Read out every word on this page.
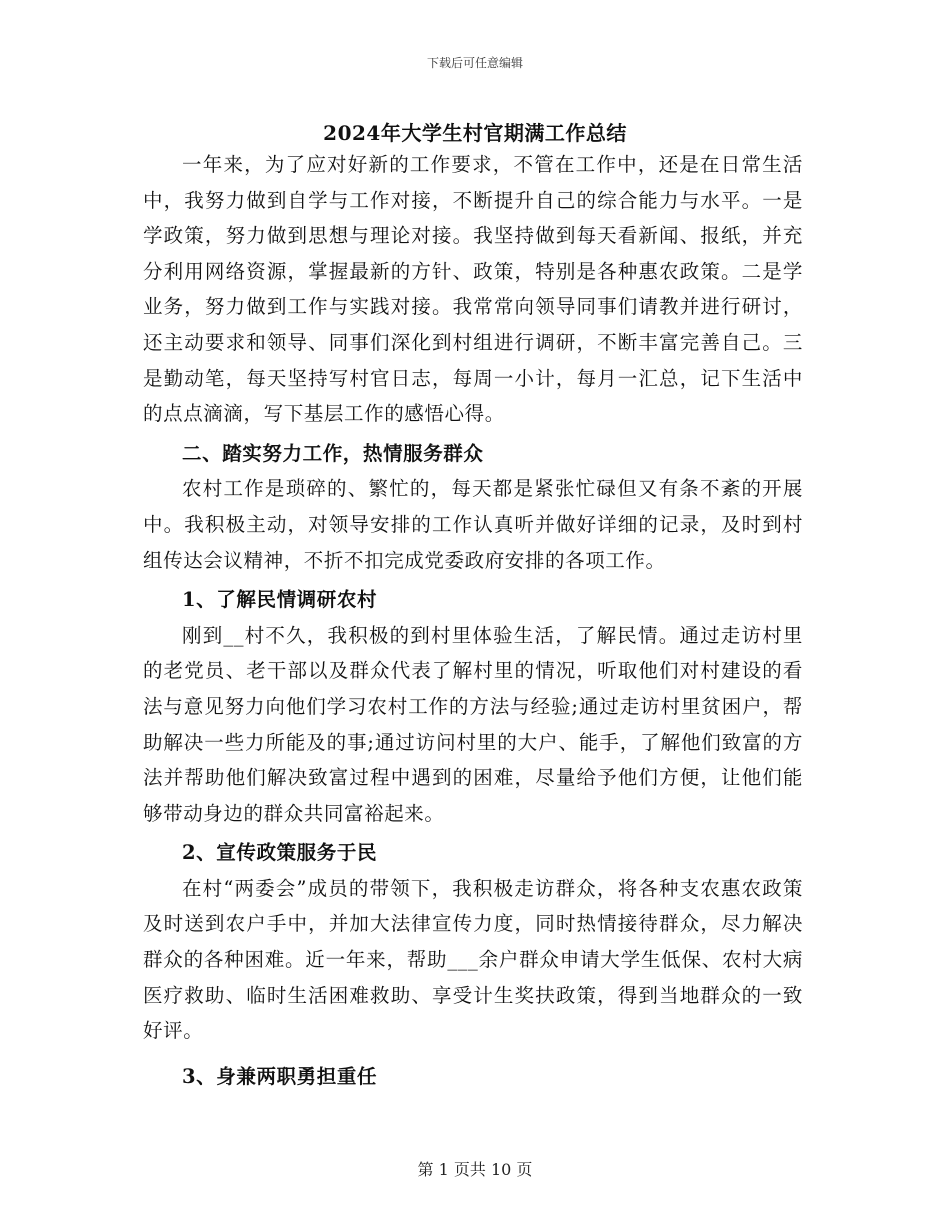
下载后可任意编辑
2024年大学生村官期满工作总结

一年来，为了应对好新的工作要求，不管在工作中，还是在日常生活中，我努力做到自学与工作对接，不断提升自己的综合能力与水平。一是学政策，努力做到思想与理论对接。我坚持做到每天看新闻、报纸，并充分利用网络资源，掌握最新的方针、政策，特别是各种惠农政策。二是学业务，努力做到工作与实践对接。我常常向领导同事们请教并进行研讨，还主动要求和领导、同事们深化到村组进行调研，不断丰富完善自己。三是勤动笔，每天坚持写村官日志，每周一小计，每月一汇总，记下生活中的点点滴滴，写下基层工作的感悟心得。

二、踏实努力工作，热情服务群众

农村工作是琐碎的、繁忙的，每天都是紧张忙碌但又有条不紊的开展中。我积极主动，对领导安排的工作认真听并做好详细的记录，及时到村组传达会议精神，不折不扣完成党委政府安排的各项工作。

1、了解民情调研农村

刚到__村不久，我积极的到村里体验生活，了解民情。通过走访村里的老党员、老干部以及群众代表了解村里的情况，听取他们对村建设的看法与意见努力向他们学习农村工作的方法与经验;通过走访村里贫困户，帮助解决一些力所能及的事;通过访问村里的大户、能手，了解他们致富的方法并帮助他们解决致富过程中遇到的困难，尽量给予他们方便，让他们能够带动身边的群众共同富裕起来。

2、宣传政策服务于民

在村“两委会”成员的带领下，我积极走访群众，将各种支农惠农政策及时送到农户手中，并加大法律宣传力度，同时热情接待群众，尽力解决群众的各种困难。近一年来，帮助___余户群众申请大学生低保、农村大病医疗救助、临时生活困难救助、享受计生奖扶政策，得到当地群众的一致好评。

3、身兼两职勇担重任

第 1 页共 10 页
